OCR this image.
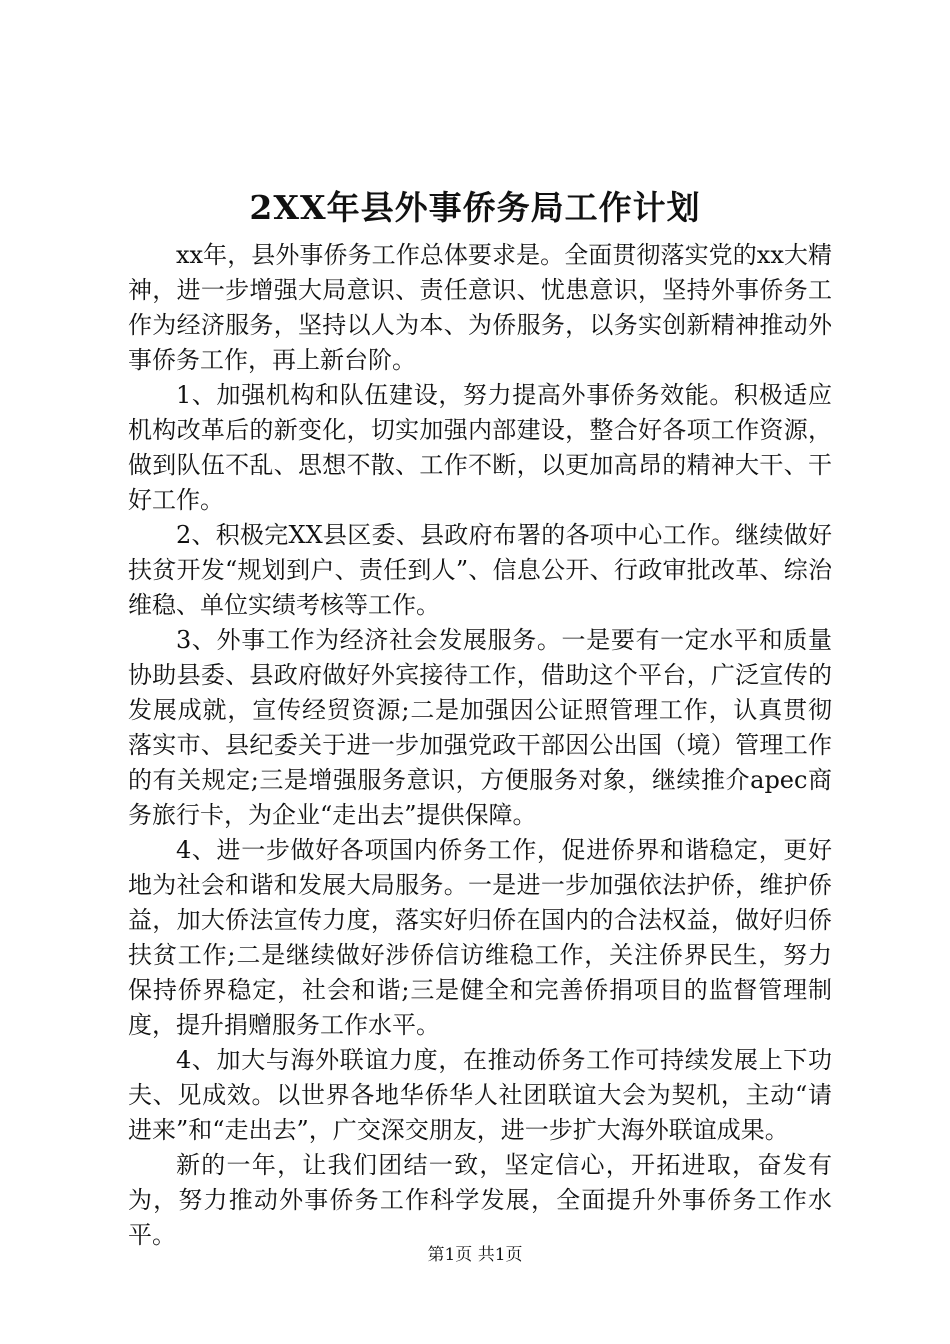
2XX年县外事侨务局工作计划

xx年，县外事侨务工作总体要求是。全面贯彻落实党的xx大精神，进一步增强大局意识、责任意识、忧患意识，坚持外事侨务工作为经济服务，坚持以人为本、为侨服务，以务实创新精神推动外事侨务工作，再上新台阶。

1、加强机构和队伍建设，努力提高外事侨务效能。积极适应机构改革后的新变化，切实加强内部建设，整合好各项工作资源，做到队伍不乱、思想不散、工作不断，以更加高昂的精神大干、干好工作。

2、积极完XX县区委、县政府布署的各项中心工作。继续做好扶贫开发“规划到户、责任到人”、信息公开、行政审批改革、综治维稳、单位实绩考核等工作。

3、外事工作为经济社会发展服务。一是要有一定水平和质量协助县委、县政府做好外宾接待工作，借助这个平台，广泛宣传的发展成就，宣传经贸资源;二是加强因公证照管理工作，认真贯彻落实市、县纪委关于进一步加强党政干部因公出国（境）管理工作的有关规定;三是增强服务意识，方便服务对象，继续推介apec商务旅行卡，为企业“走出去”提供保障。

4、进一步做好各项国内侨务工作，促进侨界和谐稳定，更好地为社会和谐和发展大局服务。一是进一步加强依法护侨，维护侨益，加大侨法宣传力度，落实好归侨在国内的合法权益，做好归侨扶贫工作;二是继续做好涉侨信访维稳工作，关注侨界民生，努力保持侨界稳定，社会和谐;三是健全和完善侨捐项目的监督管理制度，提升捐赠服务工作水平。

4、加大与海外联谊力度，在推动侨务工作可持续发展上下功夫、见成效。以世界各地华侨华人社团联谊大会为契机，主动“请进来”和“走出去”，广交深交朋友，进一步扩大海外联谊成果。

新的一年，让我们团结一致，坚定信心，开拓进取，奋发有为，努力推动外事侨务工作科学发展，全面提升外事侨务工作水平。

第1页 共1页
